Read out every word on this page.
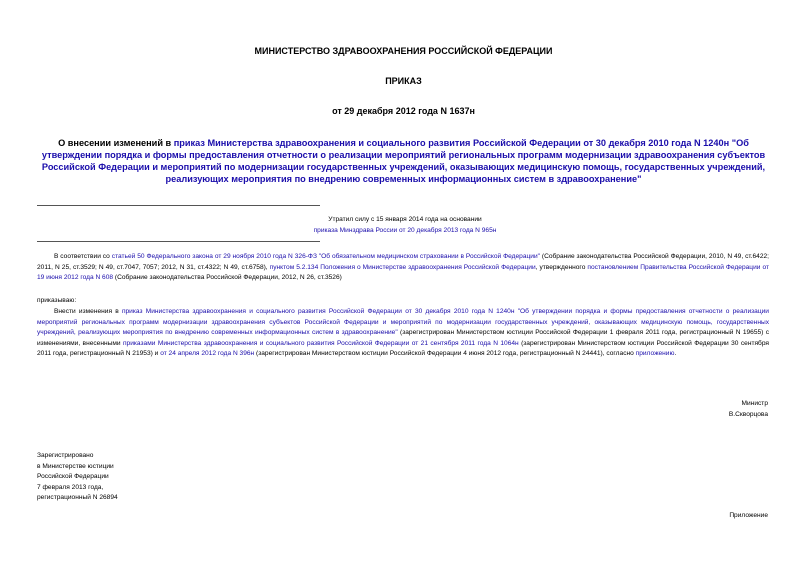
МИНИСТЕРСТВО ЗДРАВООХРАНЕНИЯ РОССИЙСКОЙ ФЕДЕРАЦИИ
ПРИКАЗ
от 29 декабря 2012 года N 1637н
О внесении изменений в приказ Министерства здравоохранения и социального развития Российской Федерации от 30 декабря 2010 года N 1240н "Об утверждении порядка и формы предоставления отчетности о реализации мероприятий региональных программ модернизации здравоохранения субъектов Российской Федерации и мероприятий по модернизации государственных учреждений, оказывающих медицинскую помощь, государственных учреждений, реализующих мероприятия по внедрению современных информационных систем в здравоохранение"
Утратил силу с 15 января 2014 года на основании
приказа Минздрава России от 20 декабря 2013 года N 965н
В соответствии со статьей 50 Федерального закона от 29 ноября 2010 года N 326-ФЗ "Об обязательном медицинском страховании в Российской Федерации" (Собрание законодательства Российской Федерации, 2010, N 49, ст.6422; 2011, N 25, ст.3529; N 49, ст.7047, 7057; 2012, N 31, ст.4322; N 49, ст.6758), пунктом 5.2.134 Положения о Министерстве здравоохранения Российской Федерации, утвержденного постановлением Правительства Российской Федерации от 19 июня 2012 года N 608 (Собрание законодательства Российской Федерации, 2012, N 26, ст.3526)
приказываю:
Внести изменения в приказ Министерства здравоохранения и социального развития Российской Федерации от 30 декабря 2010 года N 1240н "Об утверждении порядка и формы предоставления отчетности о реализации мероприятий региональных программ модернизации здравоохранения субъектов Российской Федерации и мероприятий по модернизации государственных учреждений, оказывающих медицинскую помощь, государственных учреждений, реализующих мероприятия по внедрению современных информационных систем в здравоохранение" (зарегистрирован Министерством юстиции Российской Федерации 1 февраля 2011 года, регистрационный N 19655) с изменениями, внесенными приказами Министерства здравоохранения и социального развития Российской Федерации от 21 сентября 2011 года N 1064н (зарегистрирован Министерством юстиции Российской Федерации 30 сентября 2011 года, регистрационный N 21953) и от 24 апреля 2012 года N 396н (зарегистрирован Министерством юстиции Российской Федерации 4 июня 2012 года, регистрационный N 24441), согласно приложению.
Министр
В.Скворцова
Зарегистрировано
в Министерстве юстиции
Российской Федерации
7 февраля 2013 года,
регистрационный N 26894
Приложение
